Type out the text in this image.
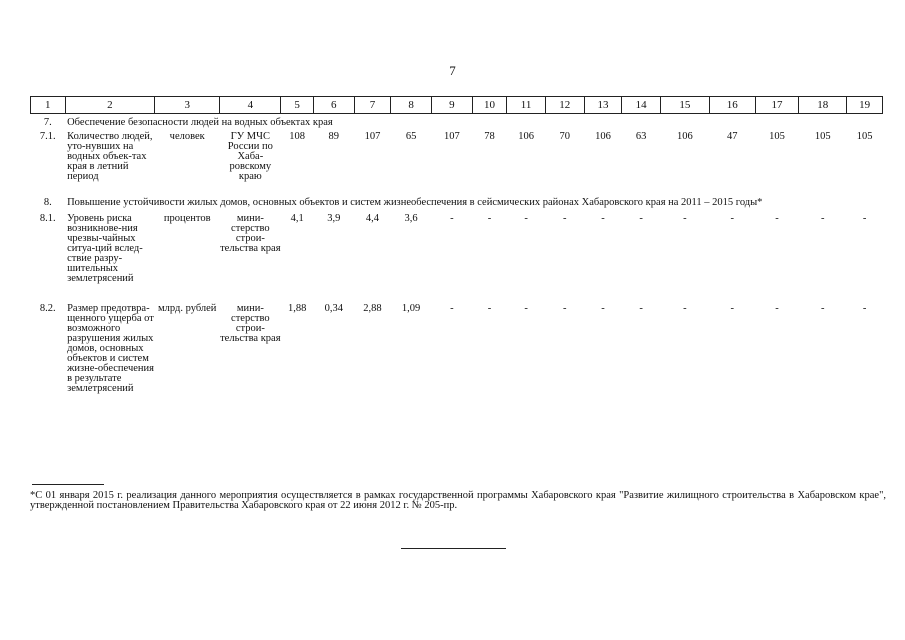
7
1	2	3	4	5	6	7	8	9	10	11	12	13	14	15	16	17	18	19
7.	Обеспечение безопасности людей на водных объектах края																	
7.1.	Количество людей, уто-нувших на водных объек-тах края в летний период	человек	ГУ МЧС России по Хаба-ровскому краю	108	89	107	65	107	78	106	70	106	63	106	47	105	105	105
8.	Повышение устойчивости жилых домов, основных объектов и систем жизнеобеспечения в сейсмических районах Хабаровского края на 2011 – 2015 годы*																	
8.1.	Уровень риска возникнове-ния чрезвы-чайных ситуа-ций вслед-ствие разру-шительных землетрясений	процентов	мини-стерство строи-тельства края	4,1	3,9	4,4	3,6	-	-	-	-	-	-	-	-	-	-	-
8.2.	Размер предотвра-щенного ущерба от возможного разрушения жилых домов, основных объектов и систем жизне-обеспечения в результате землетрясений	млрд. рублей	мини-стерство строи-тельства края	1,88	0,34	2,88	1,09	-	-	-	-	-	-	-	-	-	-	-
*С 01 января 2015 г. реализация данного мероприятия осуществляется в рамках государственной программы Хабаровского края "Развитие жилищного строительства в Хабаровском крае", утвержденной постановлением Правительства Хабаровского края от 22 июня 2012 г. № 205-пр.
